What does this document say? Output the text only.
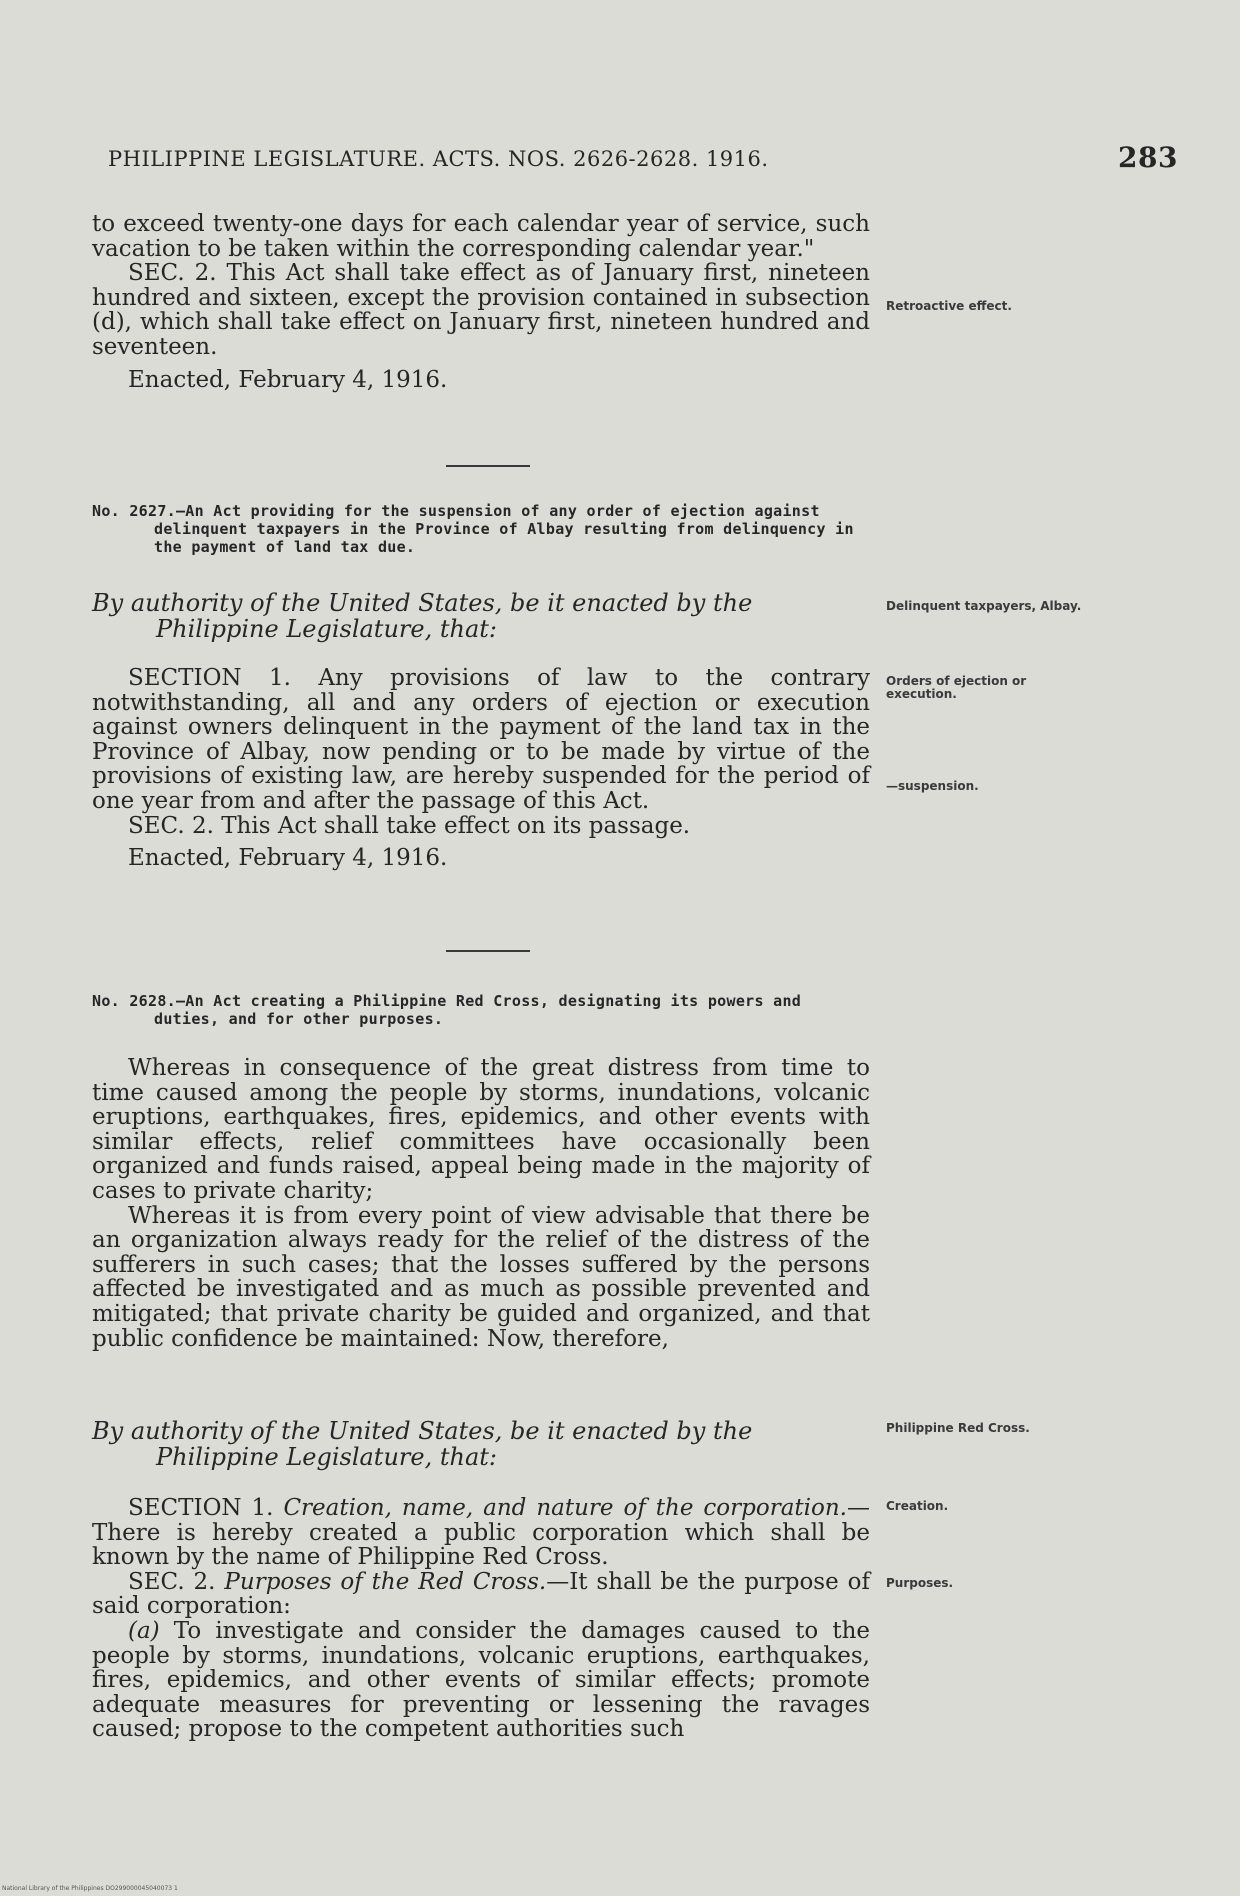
PHILIPPINE LEGISLATURE. ACTS. NOS. 2626-2628. 1916.	283
to exceed twenty-one days for each calendar year of service, such vacation to be taken within the corresponding calendar year."
SEC. 2. This Act shall take effect as of January first, nineteen hundred and sixteen, except the provision contained in subsection (d), which shall take effect on January first, nineteen hundred and seventeen.
Enacted, February 4, 1916.
No. 2627.—An Act providing for the suspension of any order of ejection against delinquent taxpayers in the Province of Albay resulting from delinquency in the payment of land tax due.
By authority of the United States, be it enacted by the Philippine Legislature, that:
SECTION 1. Any provisions of law to the contrary notwithstanding, all and any orders of ejection or execution against owners delinquent in the payment of the land tax in the Province of Albay, now pending or to be made by virtue of the provisions of existing law, are hereby suspended for the period of one year from and after the passage of this Act.
SEC. 2. This Act shall take effect on its passage.
Enacted, February 4, 1916.
No. 2628.—An Act creating a Philippine Red Cross, designating its powers and duties, and for other purposes.
Whereas in consequence of the great distress from time to time caused among the people by storms, inundations, volcanic eruptions, earthquakes, fires, epidemics, and other events with similar effects, relief committees have occasionally been organized and funds raised, appeal being made in the majority of cases to private charity;
Whereas it is from every point of view advisable that there be an organization always ready for the relief of the distress of the sufferers in such cases; that the losses suffered by the persons affected be investigated and as much as possible prevented and mitigated; that private charity be guided and organized, and that public confidence be maintained: Now, therefore,
By authority of the United States, be it enacted by the Philippine Legislature, that:
SECTION 1. Creation, name, and nature of the corporation.—There is hereby created a public corporation which shall be known by the name of Philippine Red Cross.
SEC. 2. Purposes of the Red Cross.—It shall be the purpose of said corporation:
(a) To investigate and consider the damages caused to the people by storms, inundations, volcanic eruptions, earthquakes, fires, epidemics, and other events of similar effects; promote adequate measures for preventing or lessening the ravages caused; propose to the competent authorities such
Retroactive effect.
Delinquent taxpayers, Albay.
Orders of ejection or execution.
—suspension.
Philippine Red Cross.
Creation.
Purposes.
National Library of the Philippines DO299000045040073 1
